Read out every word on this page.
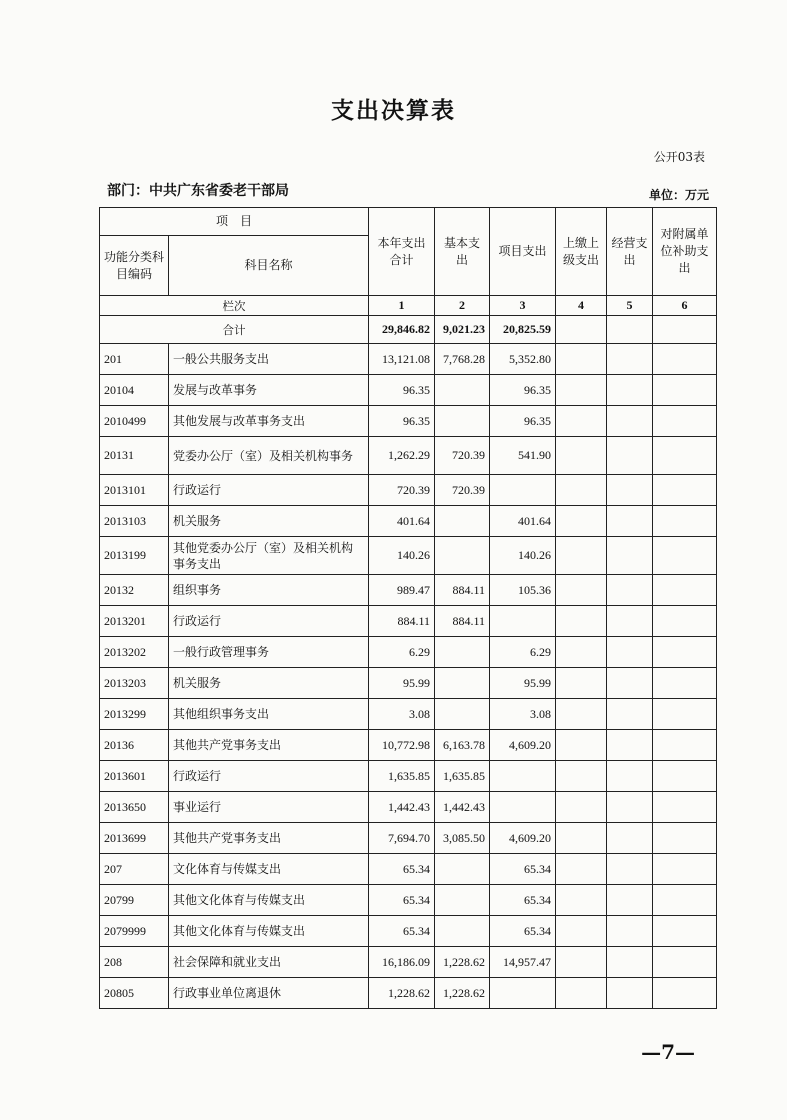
支出决算表
公开03表
部门：中共广东省委老干部局	单位：万元
项　目		本年支出合计	基本支出	项目支出	上缴上级支出	经营支出	对附属单位补助支出
功能分类科目编码	科目名称						
栏次		1	2	3	4	5	6
合计		29,846.82	9,021.23	20,825.59			
201	一般公共服务支出	13,121.08	7,768.28	5,352.80			
20104	发展与改革事务	96.35		96.35			
2010499	其他发展与改革事务支出	96.35		96.35			
20131	党委办公厅（室）及相关机构事务	1,262.29	720.39	541.90			
2013101	行政运行	720.39	720.39				
2013103	机关服务	401.64		401.64			
2013199	其他党委办公厅（室）及相关机构事务支出	140.26		140.26			
20132	组织事务	989.47	884.11	105.36			
2013201	行政运行	884.11	884.11				
2013202	一般行政管理事务	6.29		6.29			
2013203	机关服务	95.99		95.99			
2013299	其他组织事务支出	3.08		3.08			
20136	其他共产党事务支出	10,772.98	6,163.78	4,609.20			
2013601	行政运行	1,635.85	1,635.85				
2013650	事业运行	1,442.43	1,442.43				
2013699	其他共产党事务支出	7,694.70	3,085.50	4,609.20			
207	文化体育与传媒支出	65.34		65.34			
20799	其他文化体育与传媒支出	65.34		65.34			
2079999	其他文化体育与传媒支出	65.34		65.34			
208	社会保障和就业支出	16,186.09	1,228.62	14,957.47			
20805	行政事业单位离退休	1,228.62	1,228.62				
—7—
